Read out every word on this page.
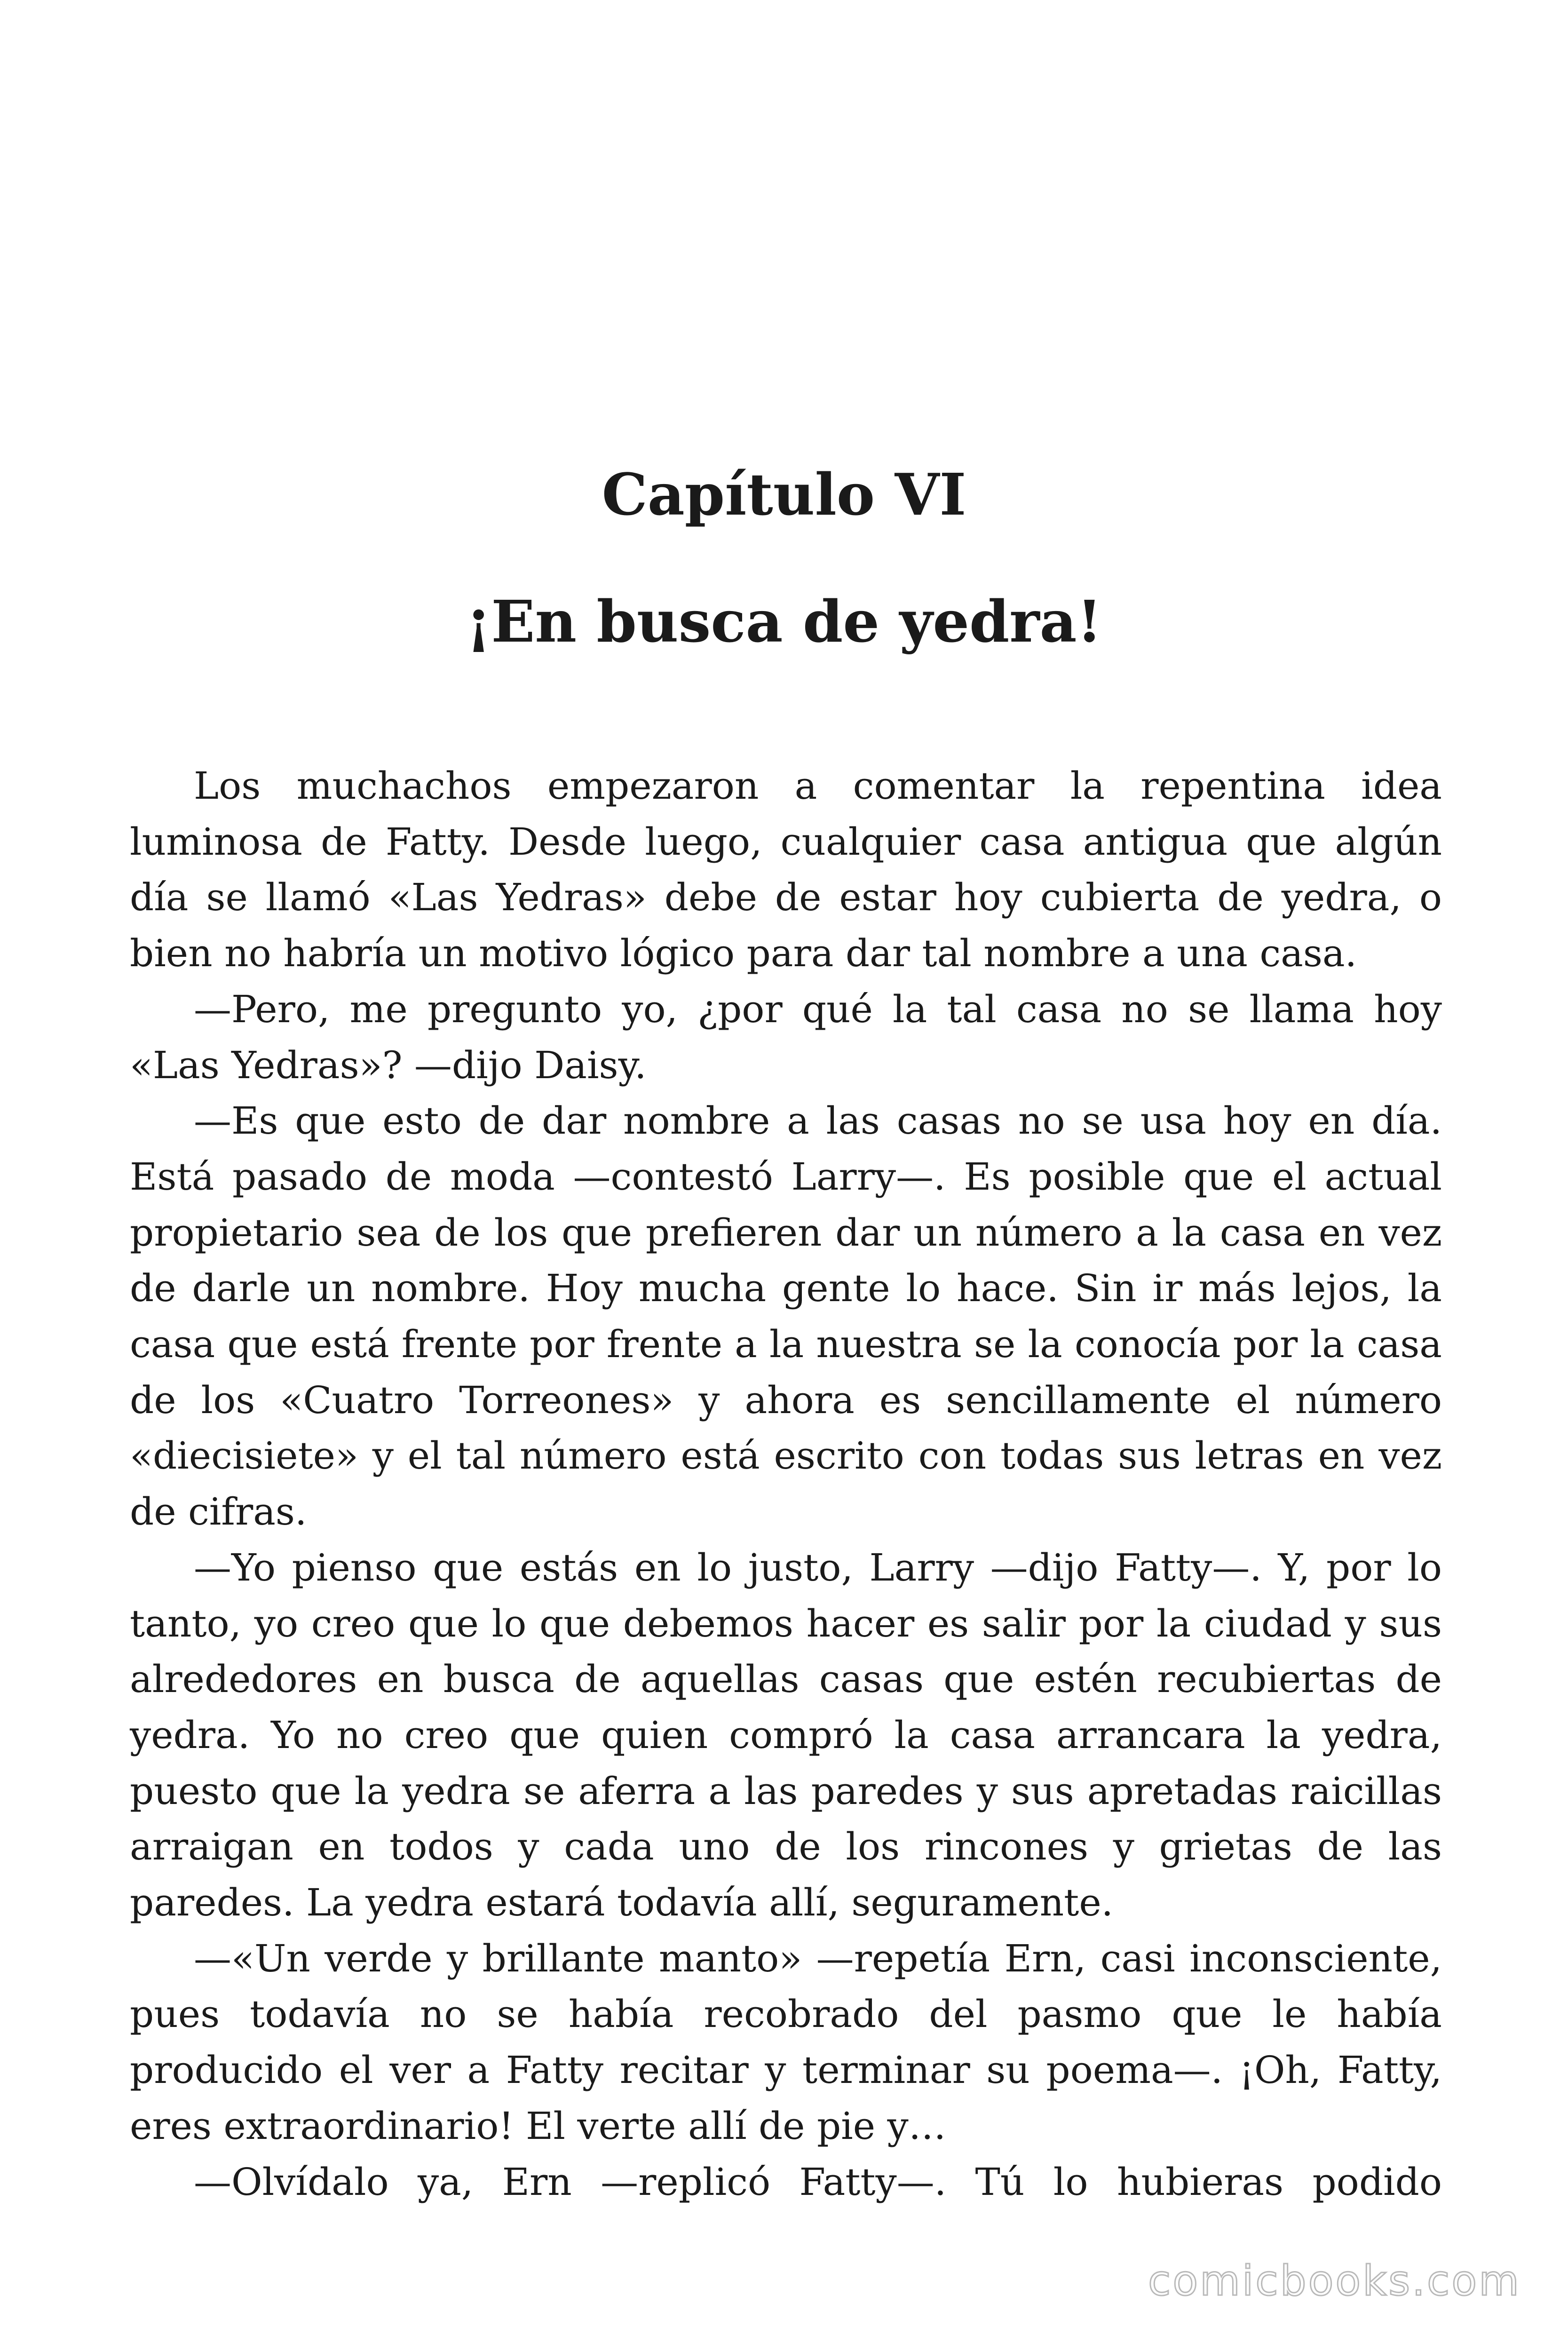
Capítulo VI
¡En busca de yedra!

Los muchachos empezaron a comentar la repentina idea luminosa de Fatty. Desde luego, cualquier casa antigua que algún día se llamó «Las Yedras» debe de estar hoy cubierta de yedra, o bien no habría un motivo lógico para dar tal nombre a una casa.

—Pero, me pregunto yo, ¿por qué la tal casa no se llama hoy «Las Yedras»? —dijo Daisy.

—Es que esto de dar nombre a las casas no se usa hoy en día. Está pasado de moda —contestó Larry—. Es posible que el actual propietario sea de los que prefieren dar un número a la casa en vez de darle un nombre. Hoy mucha gente lo hace. Sin ir más lejos, la casa que está frente por frente a la nuestra se la conocía por la casa de los «Cuatro Torreones» y ahora es sencillamente el número «diecisiete» y el tal número está escrito con todas sus letras en vez de cifras.

—Yo pienso que estás en lo justo, Larry —dijo Fatty—. Y, por lo tanto, yo creo que lo que debemos hacer es salir por la ciudad y sus alrededores en busca de aquellas casas que estén recubiertas de yedra. Yo no creo que quien compró la casa arrancara la yedra, puesto que la yedra se aferra a las paredes y sus apretadas raicillas arraigan en todos y cada uno de los rincones y grietas de las paredes. La yedra estará todavía allí, seguramente.

—«Un verde y brillante manto» —repetía Ern, casi inconsciente, pues todavía no se había recobrado del pasmo que le había producido el ver a Fatty recitar y terminar su poema—. ¡Oh, Fatty, eres extraordinario! El verte allí de pie y…

—Olvídalo ya, Ern —replicó Fatty—. Tú lo hubieras podido

comicbooks.com
